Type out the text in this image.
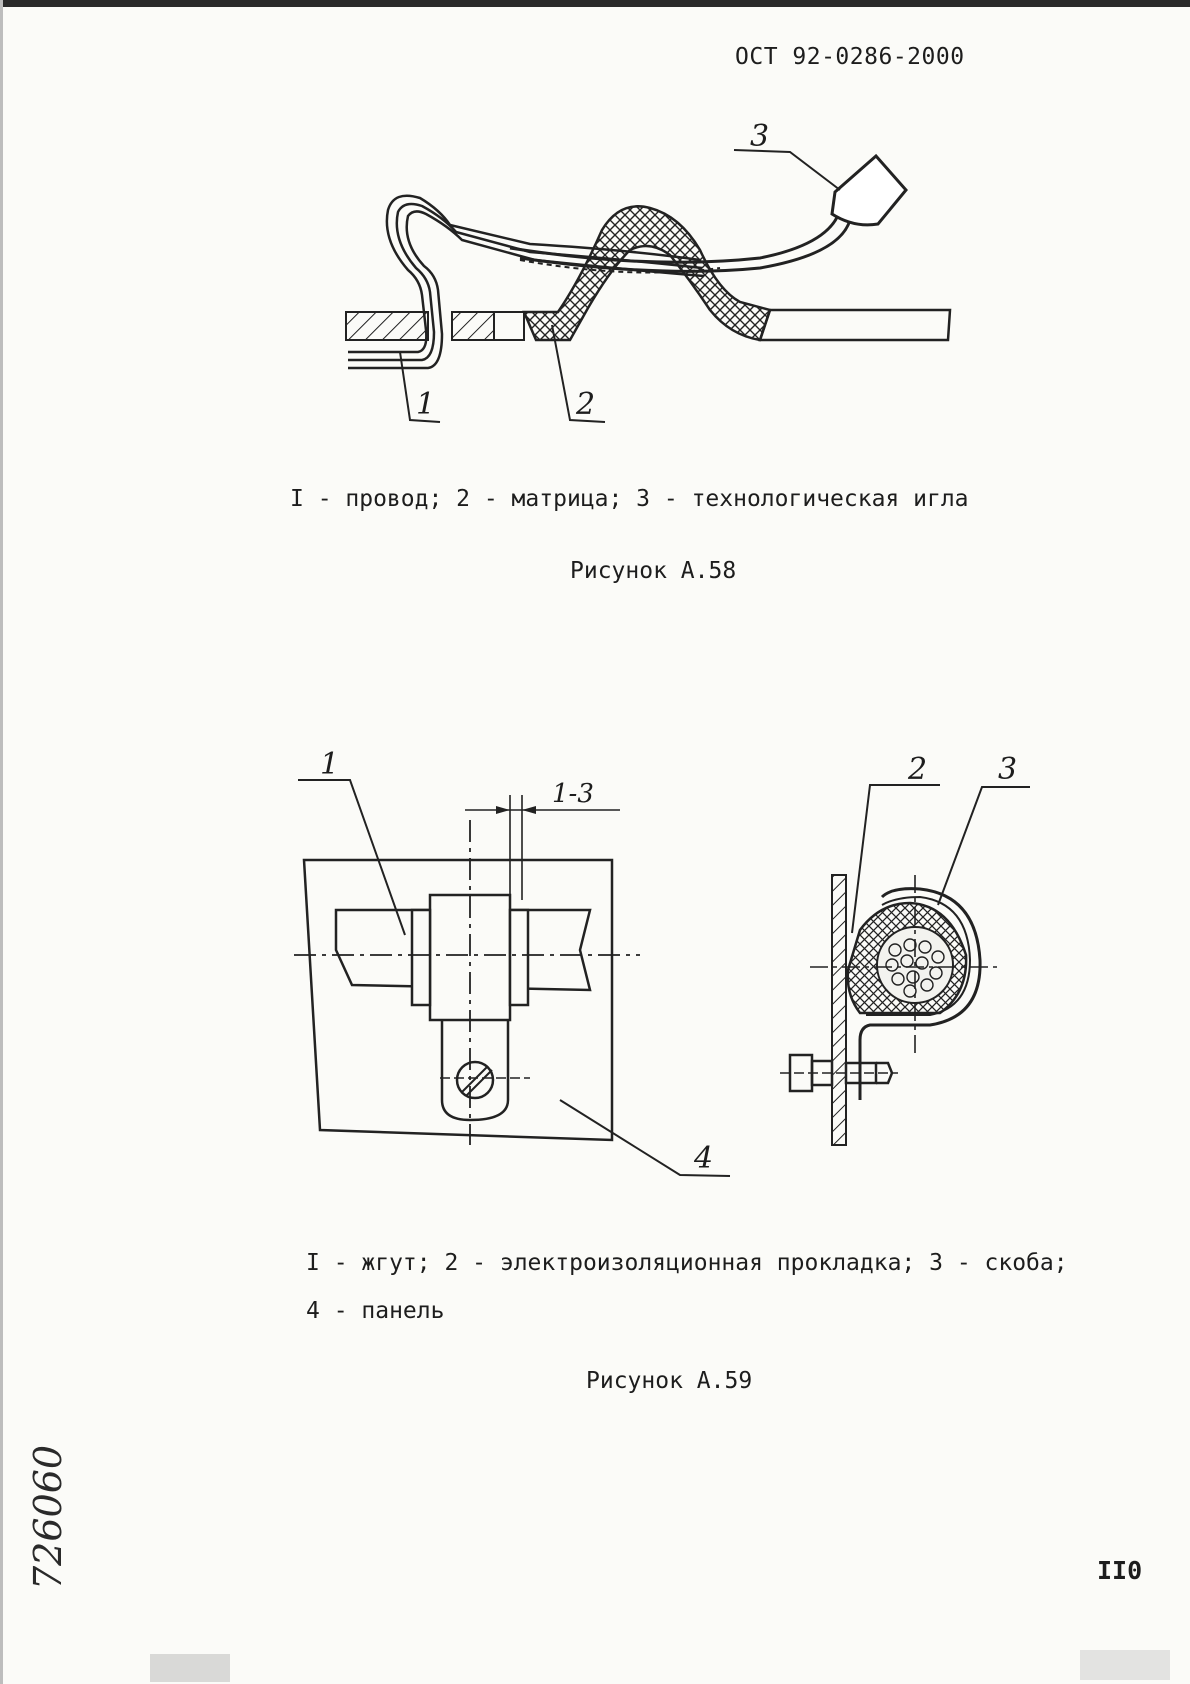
ОСТ 92-0286-2000
1	2
3
I - провод; 2 - матрица; 3 - технологическая игла
Рисунок А.58
1-3
1
4
2 3
I - жгут; 2 - электроизоляционная прокладка; 3 - скоба;
4 - панель
Рисунок А.59
II0
726060
